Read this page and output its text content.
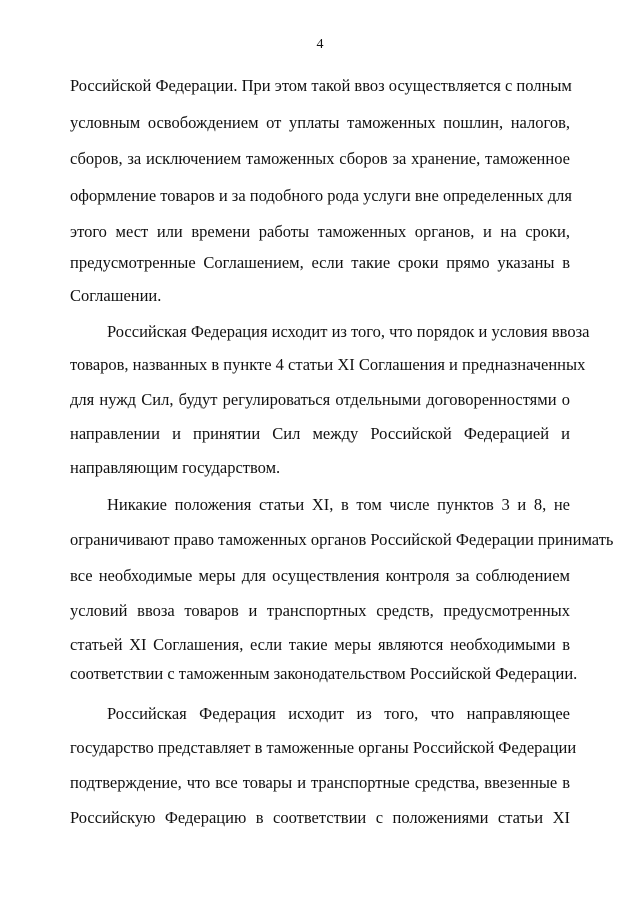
4
Российской Федерации. При этом такой ввоз осуществляется с полным
условным освобождением от уплаты таможенных пошлин, налогов,
сборов, за исключением таможенных сборов за хранение, таможенное
оформление товаров и за подобного рода услуги вне определенных для
этого мест или времени работы таможенных органов, и на сроки,
предусмотренные Соглашением, если такие сроки прямо указаны в
Соглашении.
Российская Федерация исходит из того, что порядок и условия ввоза
товаров, названных в пункте 4 статьи XI Соглашения и предназначенных
для нужд Сил, будут регулироваться отдельными договоренностями о
направлении и принятии Сил между Российской Федерацией и
направляющим государством.
Никакие положения статьи XI, в том числе пунктов 3 и 8, не
ограничивают право таможенных органов Российской Федерации принимать
все необходимые меры для осуществления контроля за соблюдением
условий ввоза товаров и транспортных средств, предусмотренных
статьей XI Соглашения, если такие меры являются необходимыми в
соответствии с таможенным законодательством Российской Федерации.
Российская Федерация исходит из того, что направляющее
государство представляет в таможенные органы Российской Федерации
подтверждение, что все товары и транспортные средства, ввезенные в
Российскую Федерацию в соответствии с положениями статьи XI
